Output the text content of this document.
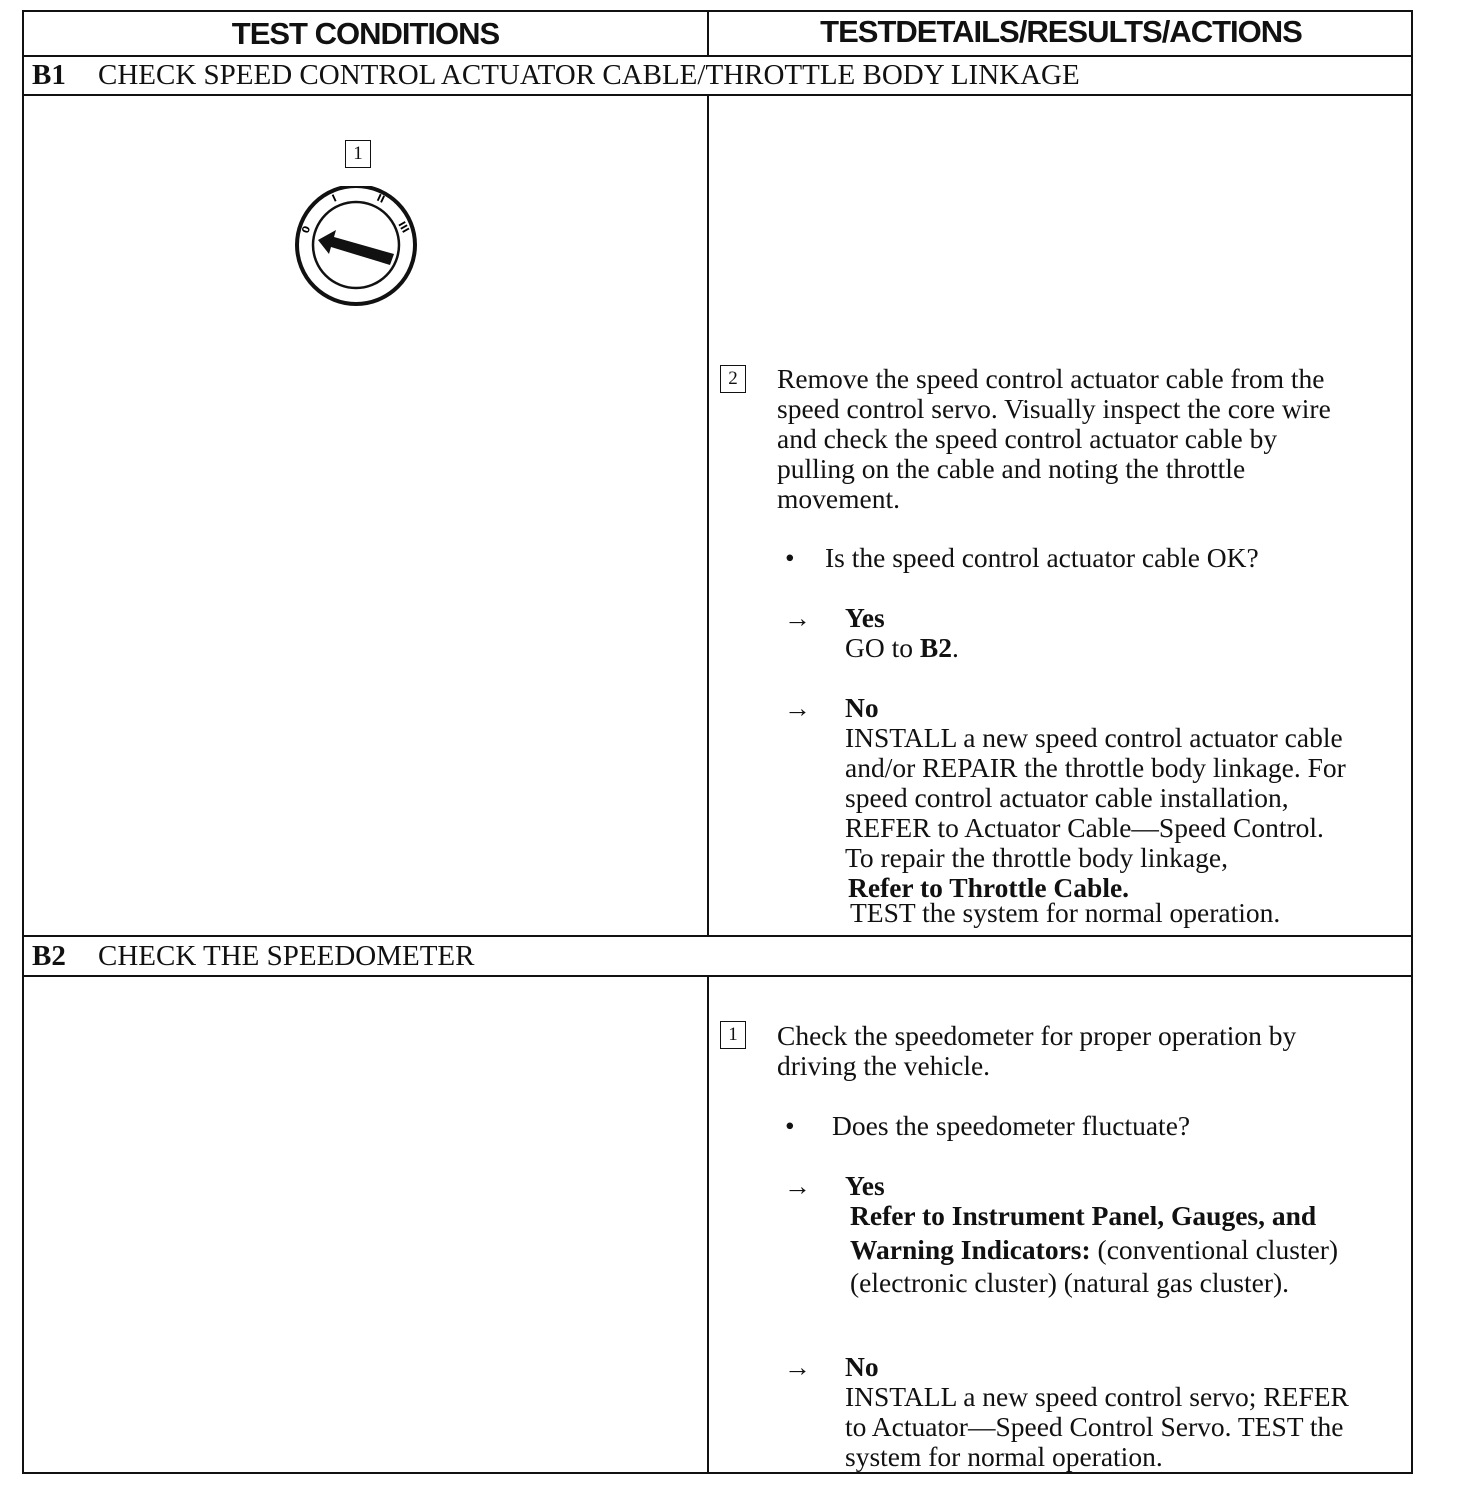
TEST CONDITIONS	TESTDETAILS/RESULTS/ACTIONS
B1 CHECK SPEED CONTROL ACTUATOR CABLE/THROTTLE BODY LINKAGE
1
0
I	II
III
2	Remove the speed control actuator cable from the
speed control servo. Visually inspect the core wire
and check the speed control actuator cable by
pulling on the cable and noting the throttle
movement.
• Is the speed control actuator cable OK?
→ Yes
GO to B2.
→ No
INSTALL a new speed control actuator cable
and/or REPAIR the throttle body linkage. For
speed control actuator cable installation,
REFER to Actuator Cable—Speed Control.
To repair the throttle body linkage,
Refer to Throttle Cable.
TEST the system for normal operation.
B2 CHECK THE SPEEDOMETER
1	Check the speedometer for proper operation by
driving the vehicle.
• Does the speedometer fluctuate?
→ Yes
Refer to Instrument Panel, Gauges, and
Warning Indicators: (conventional cluster)
(electronic cluster) (natural gas cluster).
→ No
INSTALL a new speed control servo; REFER
to Actuator—Speed Control Servo. TEST the
system for normal operation.
